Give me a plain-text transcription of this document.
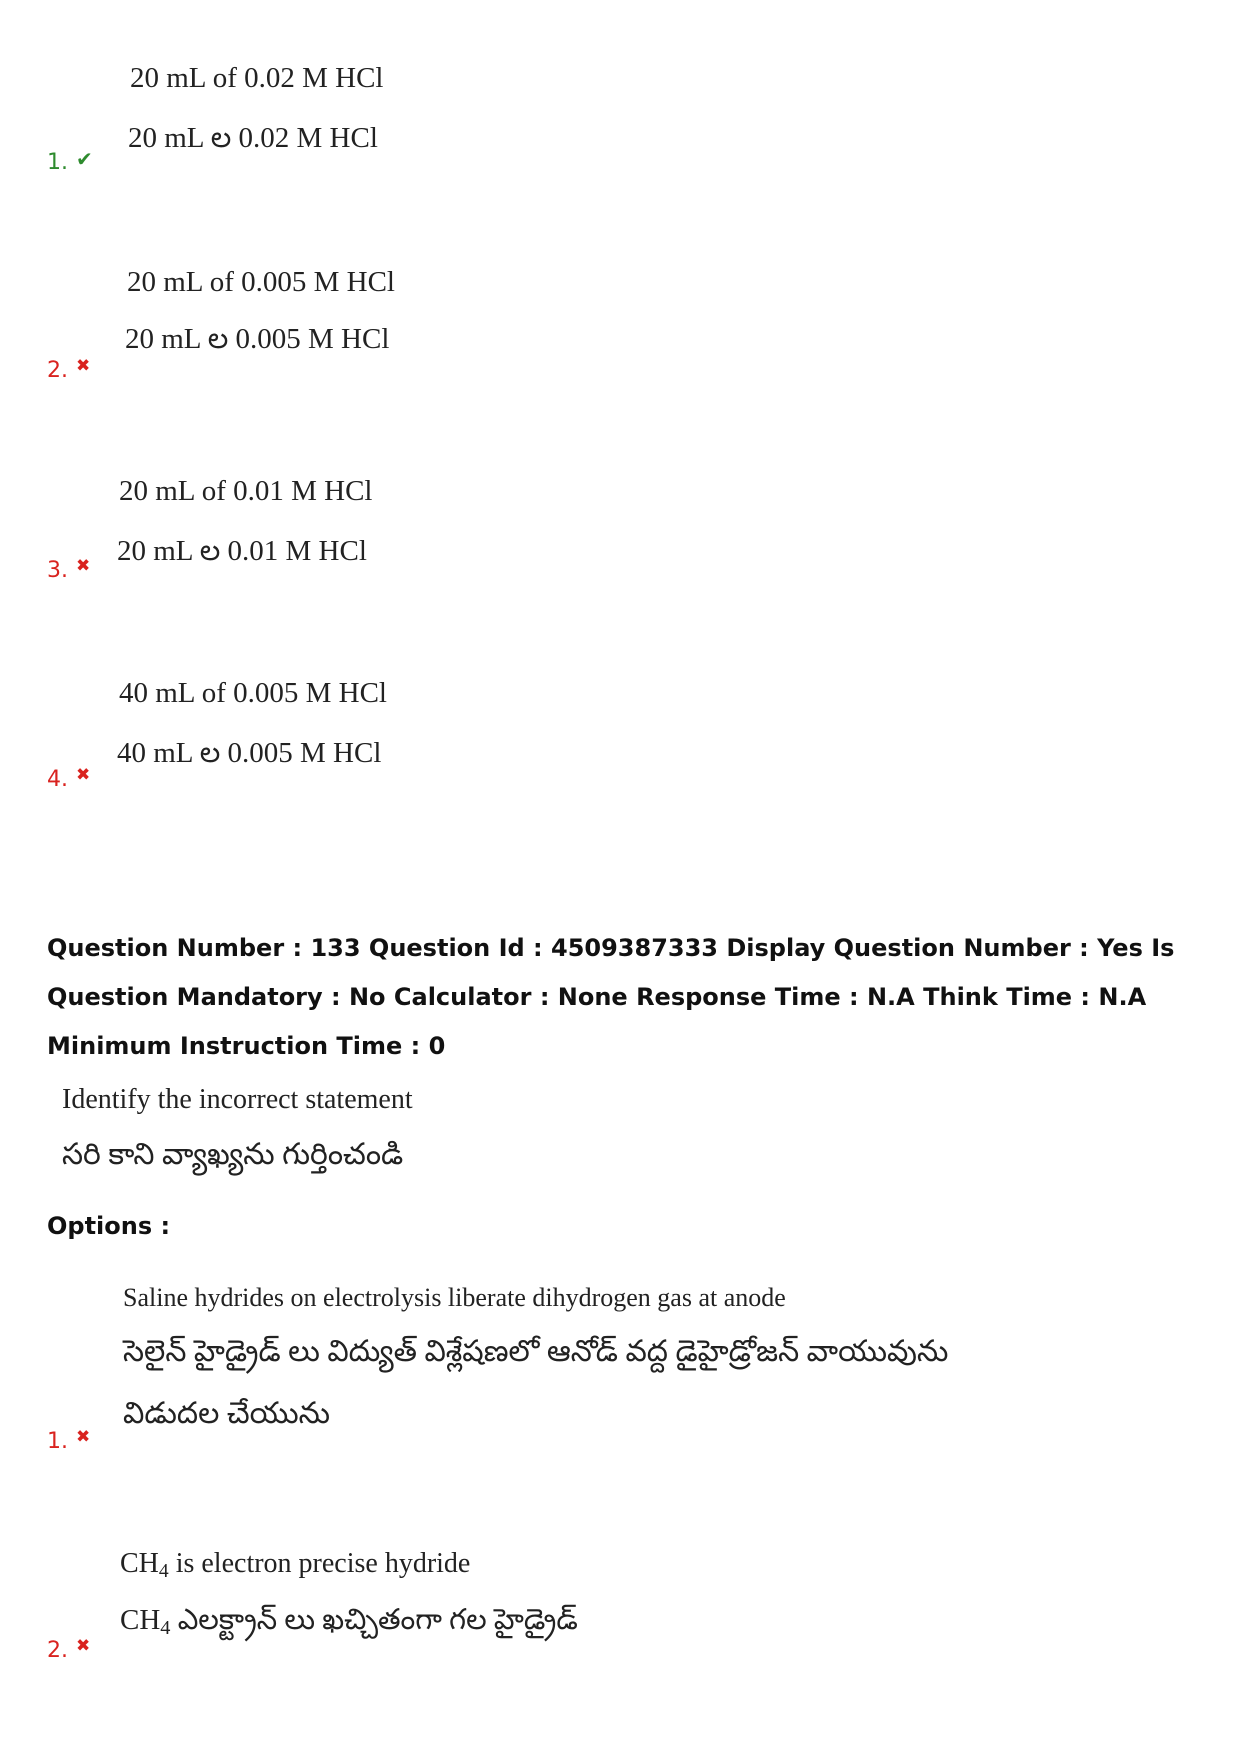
20 mL of 0.02 M HCl
20 mL ల 0.02 M HCl
1. ✔
20 mL of 0.005 M HCl
20 mL ల 0.005 M HCl
2. ✖
20 mL of 0.01 M HCl
20 mL ల 0.01 M HCl
3. ✖
40 mL of 0.005 M HCl
40 mL ల 0.005 M HCl
4. ✖
Question Number : 133 Question Id : 4509387333 Display Question Number : Yes Is Question Mandatory : No Calculator : None Response Time : N.A Think Time : N.A Minimum Instruction Time : 0
Identify the incorrect statement
సరి కాని వ్యాఖ్యను గుర్తించండి
Options :
Saline hydrides on electrolysis liberate dihydrogen gas at anode
సెలైన్ హైడ్రైడ్ లు విద్యుత్ విశ్లేషణలో ఆనోడ్ వద్ద డైహైడ్రోజన్ వాయువును
విడుదల చేయును
1. ✖
$CH_4$ is electron precise hydride
$CH_4$ ఎలక్ట్రాన్ లు ఖచ్చితంగా గల హైడ్రైడ్
2. ✖
